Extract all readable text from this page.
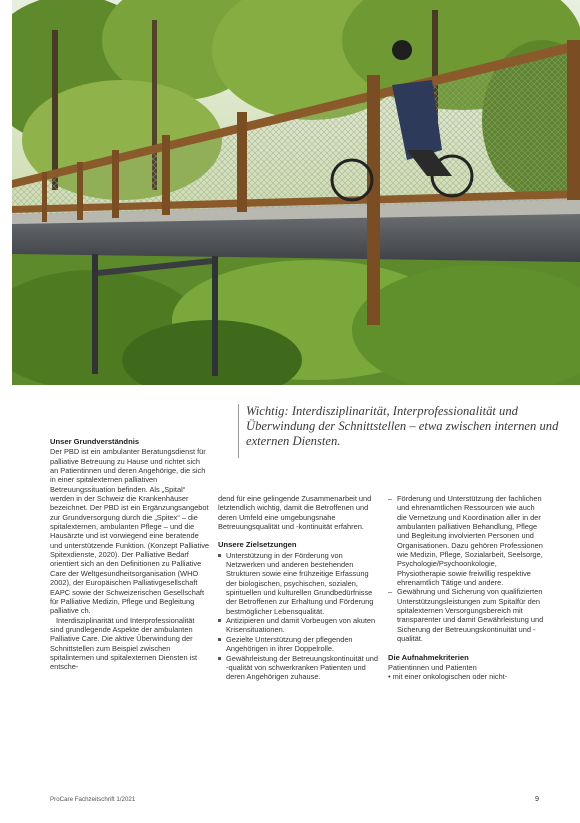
Wichtig: Interdisziplinarität, Interprofessionalität und Überwindung der Schnittstellen – etwa zwischen internen und externen Diensten.
Unser Grundverständnis

Der PBD ist ein ambulanter Beratungsdienst für palliative Betreuung zu Hause und richtet sich an Patientinnen und deren Angehörige, die sich in einer spitalexternen palliativen Betreuungssituation befinden. Als „Spital“ werden in der Schweiz die Krankenhäuser bezeichnet. Der PBD ist ein Ergänzungsangebot zur Grundversorgung durch die „Spitex“ – die spitalexternen, ambulanten Pflege – und die Hausärzte und ist vorwiegend eine beratende und unterstützende Funktion. (Konzept Palliative Spitexdienste, 2020). Der Palliative Bedarf orientiert sich an den Definitionen zu Palliative Care der Weltgesundheitsorganisation (WHO 2002), der Europäischen Palliativgesellschaft EAPC sowie der Schweizerischen Gesellschaft für Palliative Medizin, Pflege und Begleitung palliative ch.

Interdisziplinarität und Interprofessionalität sind grundlegende Aspekte der ambulanten Palliative Care. Die aktive Überwindung der Schnittstellen zum Beispiel zwischen spitalinternen und spitalexternen Diensten ist entsche-

dend für eine gelingende Zusammenarbeit und letztendlich wichtig, damit die Betroffenen und deren Umfeld eine umgebungsnahe Betreuungsqualität und -kontinuität erfahren.

Unsere Zielsetzungen
Unterstützung in der Förderung von Netzwerken und anderen bestehenden Strukturen sowie eine frühzeitige Erfassung der biologischen, psychischen, sozialen, spirituellen und kulturellen Grundbedürfnisse der Betroffenen zur Erhaltung und Förderung bestmöglicher Lebensqualität.
Antizipieren und damit Vorbeugen von akuten Krisensituationen.
Gezielte Unterstützung der pflegenden Angehörigen in ihrer Doppelrolle.
Gewährleistung der Betreuungskontinuität und -qualität von schwerkranken Patienten und deren Angehörigen zuhause.
– Förderung und Unterstützung der fachlichen und ehrenamtlichen Ressourcen wie auch die Vernetzung und Koordination aller in der ambulanten palliativen Behandlung, Pflege und Begleitung involvierten Personen und Organisationen. Dazu gehören Professionen wie Medizin, Pflege, Sozialarbeit, Seelsorge, Psychologie/Psychoonkologie, Physiotherapie sowie freiwillig respektive ehrenamtlich Tätige und andere.
– Gewährung und Sicherung von qualifizierten Unterstützungsleistungen zum Spitalfür den spitalexternen Versorgungsbereich mit transparenter und damit Gewährleistung und Sicherung der Betreuungskontinuität und -qualität.
Die Aufnahmekriterien

Patientinnen und Patienten

• mit einer onkologischen oder nicht-

ProCare Fachzeitschrift 1/2021	9
